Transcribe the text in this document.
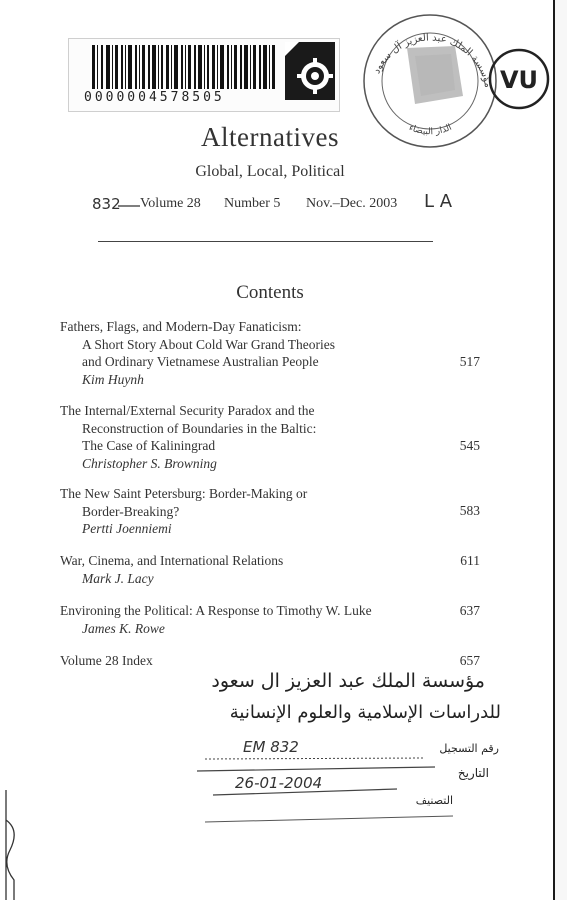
0000004578505
مؤسسة الملك عبد العزيز آل سعود
الدار البيضاء
VU
Alternatives
Global, Local, Political
832 Volume 28 Number 5 Nov.–Dec. 2003 L A
Contents
Fathers, Flags, and Modern-Day Fanaticism:
A Short Story About Cold War Grand Theories
and Ordinary Vietnamese Australian People
Kim Huynh
517
The Internal/External Security Paradox and the
Reconstruction of Boundaries in the Baltic:
The Case of Kaliningrad
Christopher S. Browning
545
The New Saint Petersburg: Border-Making or
Border-Breaking?
Pertti Joenniemi
583
War, Cinema, and International Relations
Mark J. Lacy
611
Environing the Political: A Response to Timothy W. Luke
James K. Rowe
637
Volume 28 Index	657
مؤسسة الملك عبد العزيز ال سعود
للدراسات الإسلامية والعلوم الإنسانية
رقم التسجيل
EM 832
التاريخ
26-01-2004
التصنيف
